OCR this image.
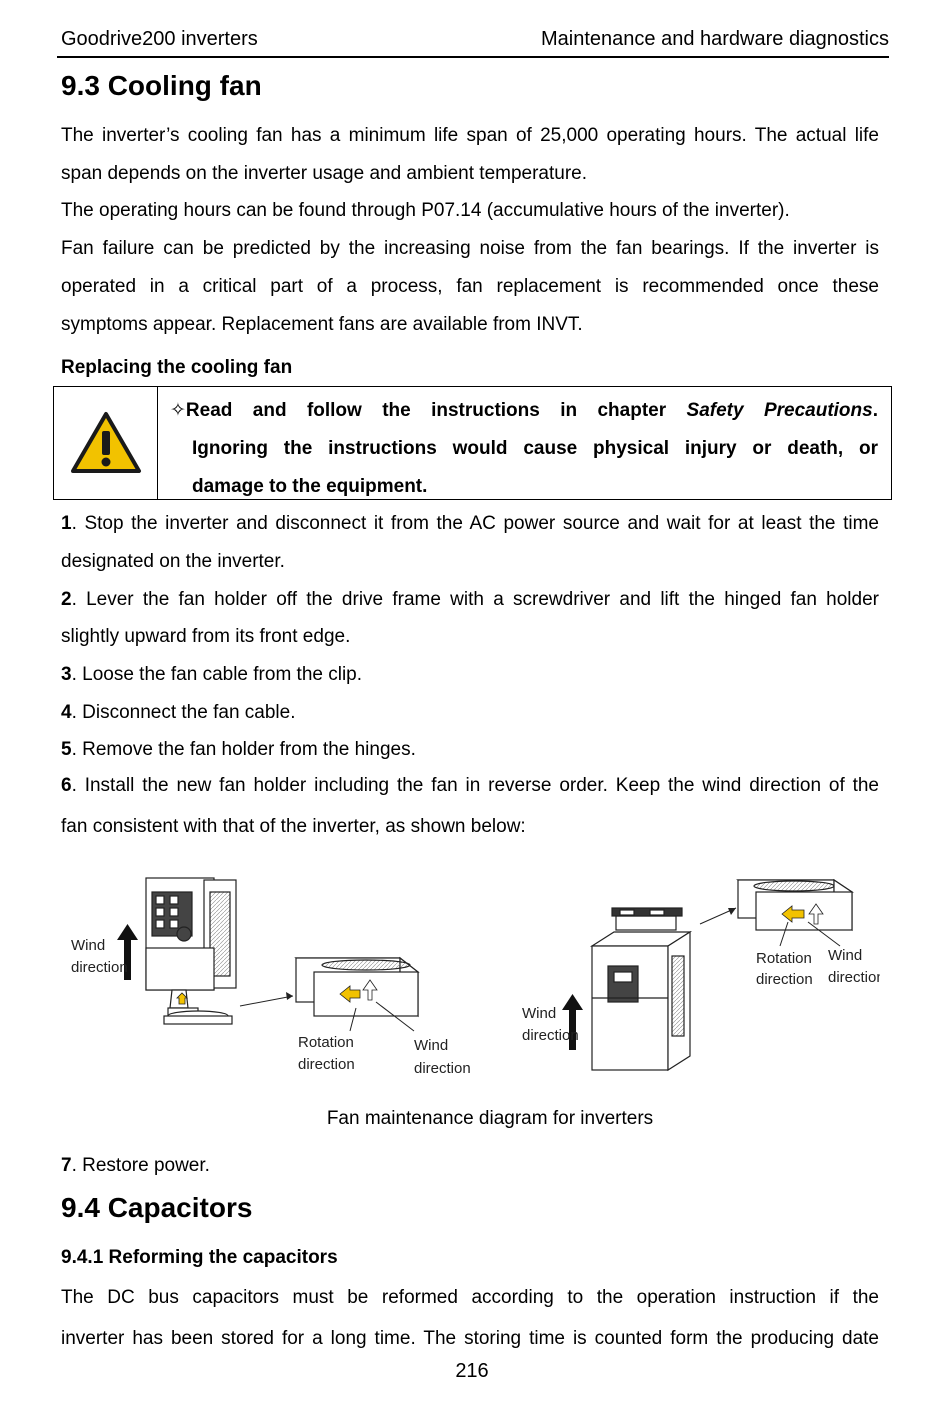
Goodrive200 inverters	Maintenance and hardware diagnostics
9.3 Cooling fan
The inverter’s cooling fan has a minimum life span of 25,000 operating hours. The actual life
span depends on the inverter usage and ambient temperature.
The operating hours can be found through P07.14 (accumulative hours of the inverter).
Fan failure can be predicted by the increasing noise from the fan bearings. If the inverter is
operated in a critical part of a process, fan replacement is recommended once these
symptoms appear. Replacement fans are available from INVT.
Replacing the cooling fan
✧Read and follow the instructions in chapter Safety Precautions.
Ignoring the instructions would cause physical injury or death, or
damage to the equipment.
1. Stop the inverter and disconnect it from the AC power source and wait for at least the time
designated on the inverter.
2. Lever the fan holder off the drive frame with a screwdriver and lift the hinged fan holder
slightly upward from its front edge.
3. Loose the fan cable from the clip.
4. Disconnect the fan cable.
5. Remove the fan holder from the hinges.
6. Install the new fan holder including the fan in reverse order. Keep the wind direction of the
fan consistent with that of the inverter, as shown below:
Wind
direction
Rotation
direction
Wind
direction
Wind
direction
Rotation
direction
Wind
direction
Fan maintenance diagram for inverters
7. Restore power.
9.4 Capacitors
9.4.1 Reforming the capacitors
The DC bus capacitors must be reformed according to the operation instruction if the
inverter has been stored for a long time. The storing time is counted form the producing date
216
